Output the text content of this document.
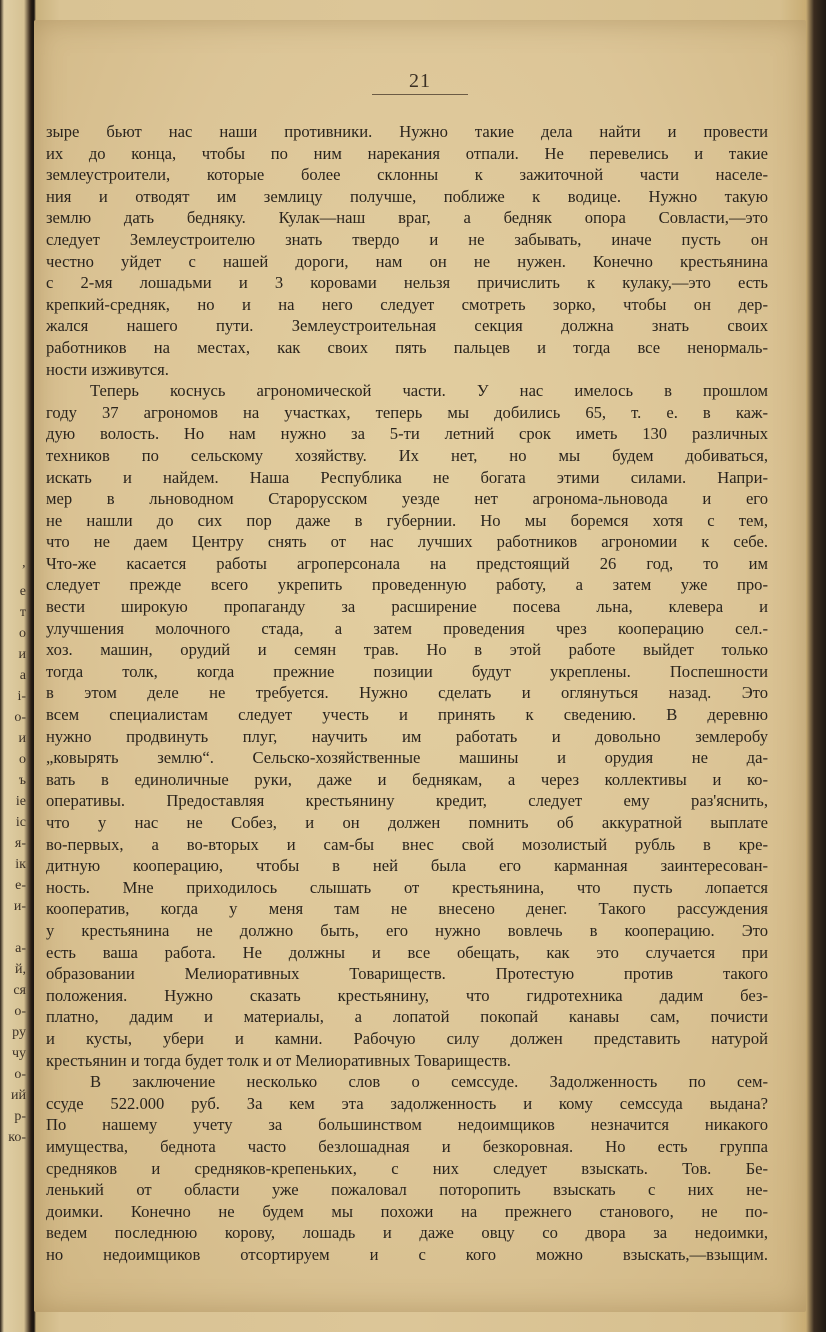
’
е
т
о
и
а
і-
о-
и
о
ъ
іе
іс
я-
ік
е-
и-
а-
й,
ся
о-
ру
чу
о-
ий
р-
ко-
21
зыре бьют нас наши противники. Нужно такие дела найти и провести
их до конца, чтобы по ним нарекания отпали. Не перевелись и такие
землеустроители, которые более склонны к зажиточной части населе-
ния и отводят им землицу получше, поближе к водице. Нужно такую
землю дать бедняку. Кулак—наш враг, а бедняк опора Совласти,—это
следует Землеустроителю знать твердо и не забывать, иначе пусть он
честно уйдет с нашей дороги, нам он не нужен. Конечно крестьянина
с 2-мя лошадьми и 3 коровами нельзя причислить к кулаку,—это есть
крепкий-средняк, но и на него следует смотреть зорко, чтобы он дер-
жался нашего пути. Землеустроительная секция должна знать своих
работников на местах, как своих пять пальцев и тогда все ненормаль-
ности изживутся.
Теперь коснусь агрономической части. У нас имелось в прошлом
году 37 агрономов на участках, теперь мы добились 65, т. е. в каж-
дую волость. Но нам нужно за 5-ти летний срок иметь 130 различных
техников по сельскому хозяйству. Их нет, но мы будем добиваться,
искать и найдем. Наша Республика не богата этими силами. Напри-
мер в льноводном Старорусском уезде нет агронома-льновода и его
не нашли до сих пор даже в губернии. Но мы боремся хотя с тем,
что не даем Центру снять от нас лучших работников агрономии к себе.
Что-же касается работы агроперсонала на предстоящий 26 год, то им
следует прежде всего укрепить проведенную работу, а затем уже про-
вести широкую пропаганду за расширение посева льна, клевера и
улучшения молочного стада, а затем проведения чрез кооперацию сел.-
хоз. машин, орудий и семян трав. Но в этой работе выйдет только
тогда толк, когда прежние позиции будут укреплены. Поспешности
в этом деле не требуется. Нужно сделать и оглянуться назад. Это
всем специалистам следует учесть и принять к сведению. В деревню
нужно продвинуть плуг, научить им работать и довольно землеробу
„ковырять землю“. Сельско-хозяйственные машины и орудия не да-
вать в единоличные руки, даже и беднякам, а через коллективы и ко-
оперативы. Предоставляя крестьянину кредит, следует ему раз'яснить,
что у нас не Собез, и он должен помнить об аккуратной выплате
во-первых, а во-вторых и сам-бы внес свой мозолистый рубль в кре-
дитную кооперацию, чтобы в ней была его карманная заинтересован-
ность. Мне приходилось слышать от крестьянина, что пусть лопается
кооператив, когда у меня там не внесено денег. Такого рассуждения
у крестьянина не должно быть, его нужно вовлечь в кооперацию. Это
есть ваша работа. Не должны и все обещать, как это случается при
образовании Мелиоративных Товариществ. Протестую против такого
положения. Нужно сказать крестьянину, что гидротехника дадим без-
платно, дадим и материалы, а лопатой покопай канавы сам, почисти
и кусты, убери и камни. Рабочую силу должен представить натурой
крестьянин и тогда будет толк и от Мелиоративных Товариществ.
В заключение несколько слов о семссуде. Задолженность по сем-
ссуде 522.000 руб. За кем эта задолженность и кому семссуда выдана?
По нашему учету за большинством недоимщиков незначится никакого
имущества, беднота часто безлошадная и безкоровная. Но есть группа
средняков и средняков-крепеньких, с них следует взыскать. Тов. Бе-
ленький от области уже пожаловал поторопить взыскать с них не-
доимки. Конечно не будем мы похожи на прежнего станового, не по-
ведем последнюю корову, лошадь и даже овцу со двора за недоимки,
но недоимщиков отсортируем и с кого можно взыскать,—взыщим.
